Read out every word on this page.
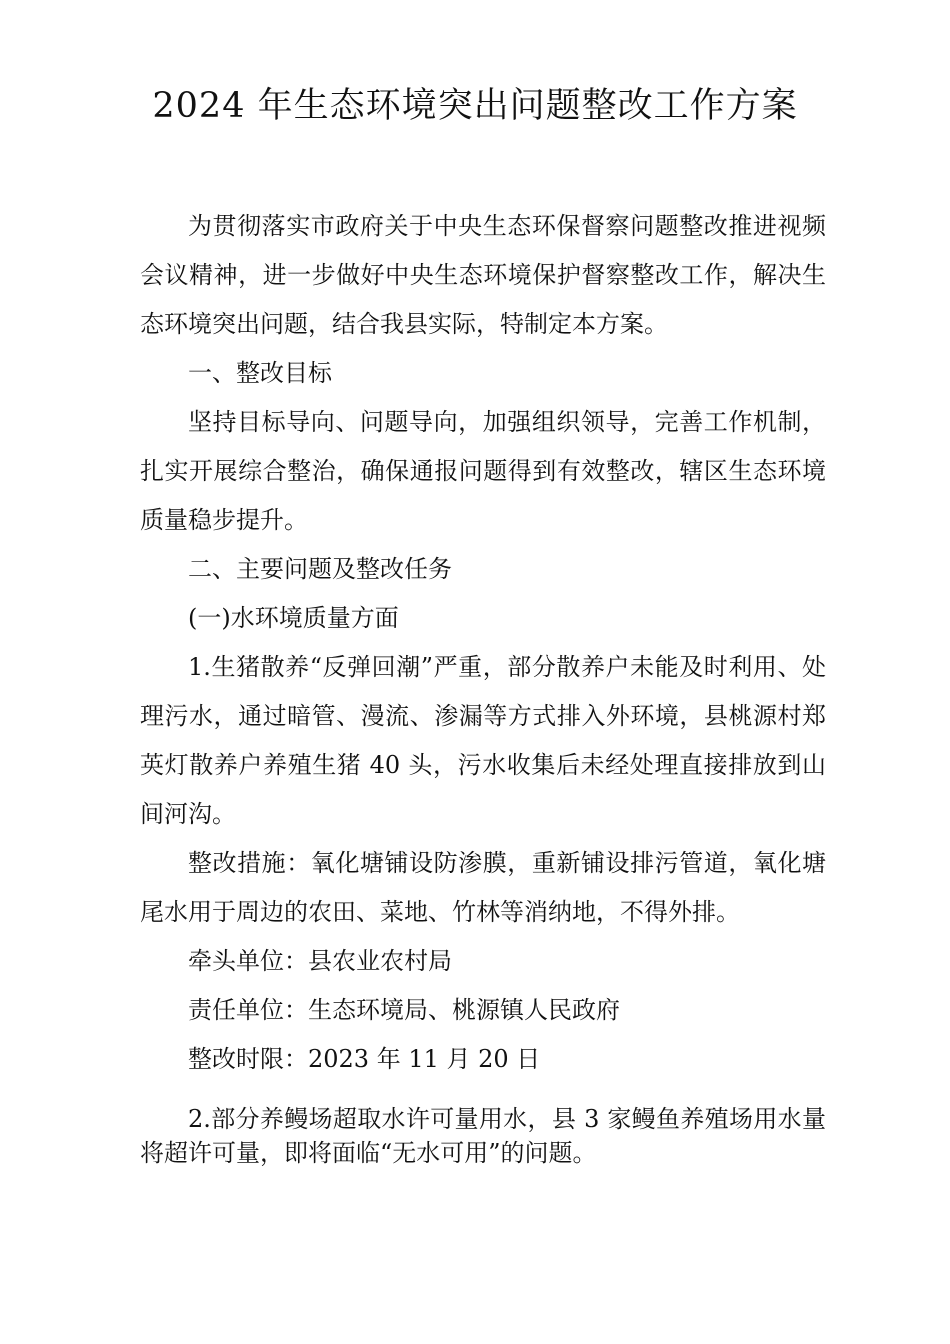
2024 年生态环境突出问题整改工作方案

为贯彻落实市政府关于中央生态环保督察问题整改推进视频会议精神，进一步做好中央生态环境保护督察整改工作，解决生态环境突出问题，结合我县实际，特制定本方案。

一、整改目标

坚持目标导向、问题导向，加强组织领导，完善工作机制，扎实开展综合整治，确保通报问题得到有效整改，辖区生态环境质量稳步提升。

二、主要问题及整改任务

(一)水环境质量方面

1.生猪散养“反弹回潮”严重，部分散养户未能及时利用、处理污水，通过暗管、漫流、渗漏等方式排入外环境，县桃源村郑英灯散养户养殖生猪 40 头，污水收集后未经处理直接排放到山间河沟。

整改措施：氧化塘铺设防渗膜，重新铺设排污管道，氧化塘尾水用于周边的农田、菜地、竹林等消纳地，不得外排。

牵头单位：县农业农村局

责任单位：生态环境局、桃源镇人民政府

整改时限：2023 年 11 月 20 日

2.部分养鳗场超取水许可量用水，县 3 家鳗鱼养殖场用水量将超许可量，即将面临“无水可用”的问题。
